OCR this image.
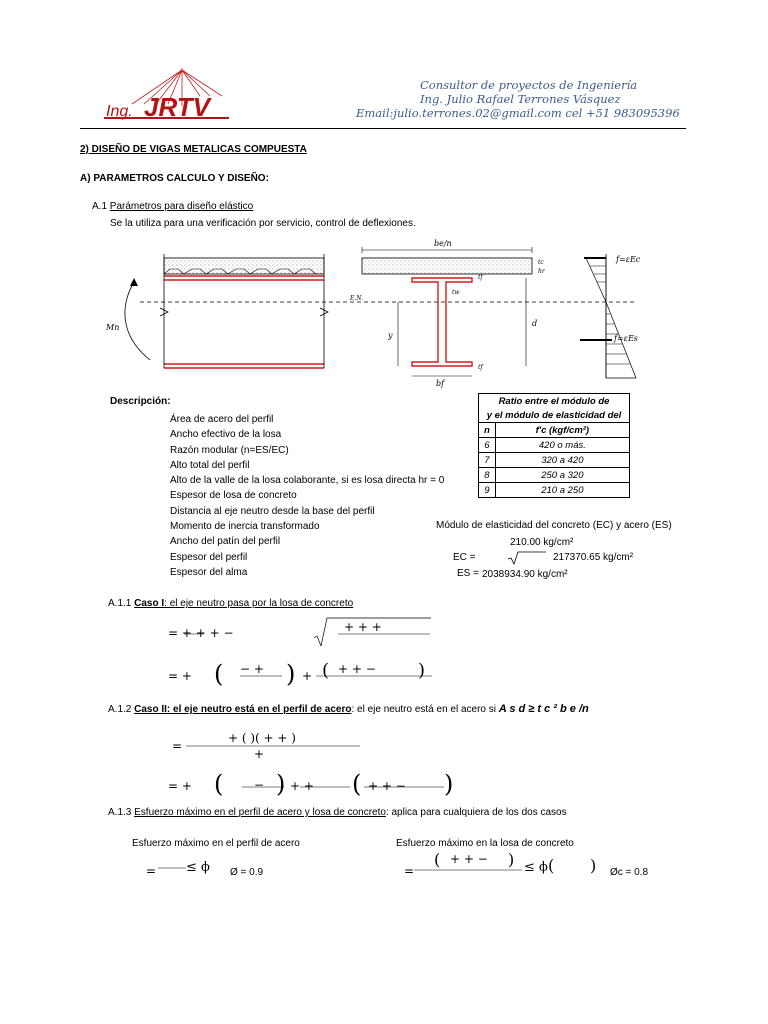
Ing. JRTV
Consultor de proyectos de Ingeniería
Ing. Julio Rafael Terrones Vásquez
Email:julio.terrones.02@gmail.com cel +51 983095396
2) DISEÑO DE VIGAS METALICAS COMPUESTA
A) PARAMETROS CALCULO Y DISEÑO:
A.1 Parámetros para diseño elástico
Se la utiliza para una verificación por servicio, control de deflexiones.
Mn
E.N.
be/n
tc
hr
tf
tw
tf
bf
y
d
f=εEc
f=εEs
Descripción:
Área de acero del perfil
Ancho efectivo de la losa
Razón modular (n=ES/EC)
Alto total del perfil
Alto de la valle de la losa colaborante, si es losa directa hr = 0
Espesor de losa de concreto
Distancia al eje neutro desde la base del perfil
Momento de inercia transformado
Ancho del patín del perfil
Espesor del perfil
Espesor del alma
Ratio entre el módulo de	
y el módulo de elasticidad del	
n	f'c (kgf/cm²)
6	420 o más.
7	320 a 420
8	250 a 320
9	210 a 250
Módulo de elasticidad del concreto (EC) y acero (ES)
210.00 kg/cm²
EC =	217370.65 kg/cm²
ES = 2038934.90 kg/cm²
A.1.1 Caso I: el eje neutro pasa por la losa de concreto
= + + + −	+ + +
= + ( − + ) + ( + + − )
A.1.2 Caso II: el eje neutro está en el perfil de acero: el eje neutro está en el acero si A s d ≥ t c ² b e /n
=
+ ( )( + + )
+
= + (	− ) + + ( + + − )
A.1.3 Esfuerzo máximo en el perfil de acero y losa de concreto: aplica para cualquiera de los dos casos
Esfuerzo máximo en el perfil de acero	Esfuerzo máximo en la losa de concreto
= ≤ ϕ Ø = 0.9	=
( + + − ) ≤ ϕ ( ) Øc = 0.8
